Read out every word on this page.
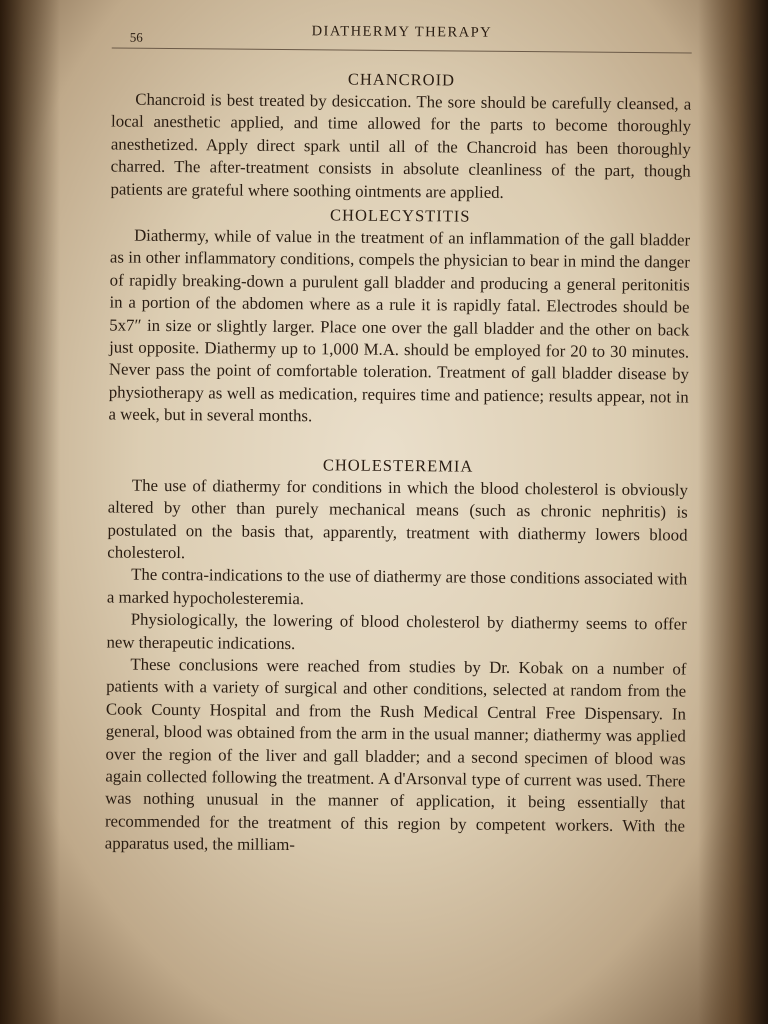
56	DIATHERMY THERAPY
CHANCROID

Chancroid is best treated by desiccation. The sore should be carefully cleansed, a local anesthetic applied, and time allowed for the parts to become thoroughly anesthetized. Apply direct spark until all of the Chancroid has been thoroughly charred. The after-treatment consists in absolute cleanliness of the part, though patients are grateful where soothing ointments are applied.

CHOLECYSTITIS

Diathermy, while of value in the treatment of an inflammation of the gall bladder as in other inflammatory conditions, compels the physician to bear in mind the danger of rapidly breaking-down a purulent gall bladder and producing a general peritonitis in a portion of the abdomen where as a rule it is rapidly fatal. Electrodes should be 5x7″ in size or slightly larger. Place one over the gall bladder and the other on back just opposite. Diathermy up to 1,000 M.A. should be employed for 20 to 30 minutes. Never pass the point of comfortable toleration. Treatment of gall bladder disease by physiotherapy as well as medication, requires time and patience; results appear, not in a week, but in several months.

CHOLESTEREMIA

The use of diathermy for conditions in which the blood cholesterol is obviously altered by other than purely mechanical means (such as chronic nephritis) is postulated on the basis that, apparently, treatment with diathermy lowers blood cholesterol.

The contra-indications to the use of diathermy are those conditions associated with a marked hypocholesteremia.

Physiologically, the lowering of blood cholesterol by diathermy seems to offer new therapeutic indications.

These conclusions were reached from studies by Dr. Kobak on a number of patients with a variety of surgical and other conditions, selected at random from the Cook County Hospital and from the Rush Medical Central Free Dispensary. In general, blood was obtained from the arm in the usual manner; diathermy was applied over the region of the liver and gall bladder; and a second specimen of blood was again collected following the treatment. A d'Arsonval type of current was used. There was nothing unusual in the manner of application, it being essentially that recommended for the treatment of this region by competent workers. With the apparatus used, the milliam-
